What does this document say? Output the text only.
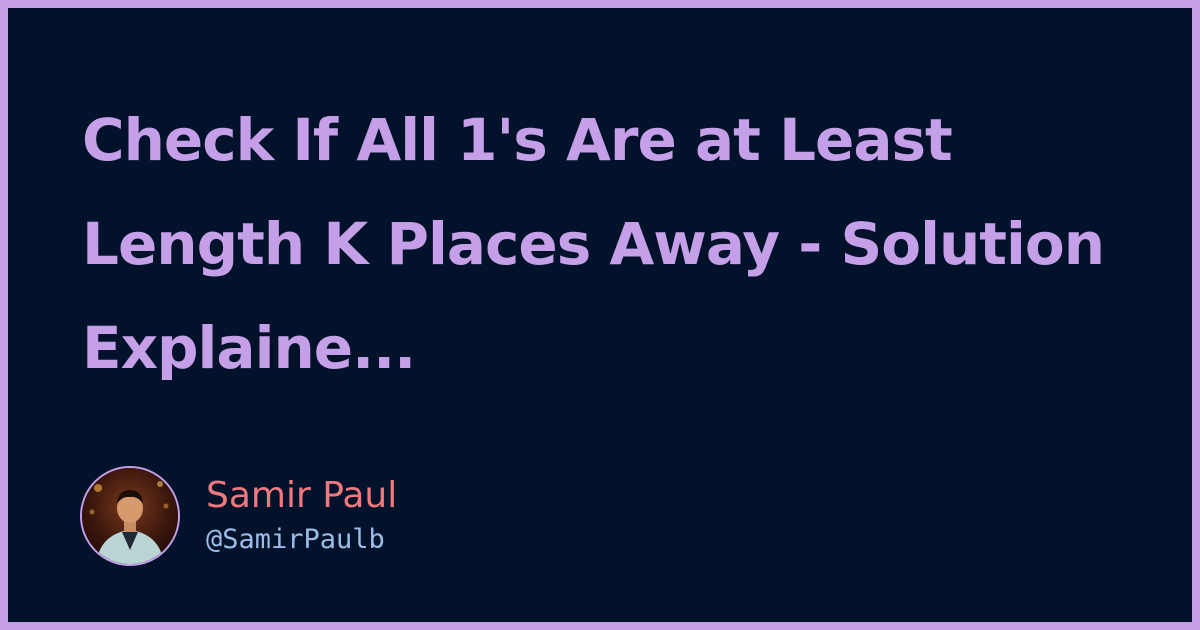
Check If All 1's Are at Least Length K Places Away - Solution Explaine...
Samir Paul
@SamirPaulb
